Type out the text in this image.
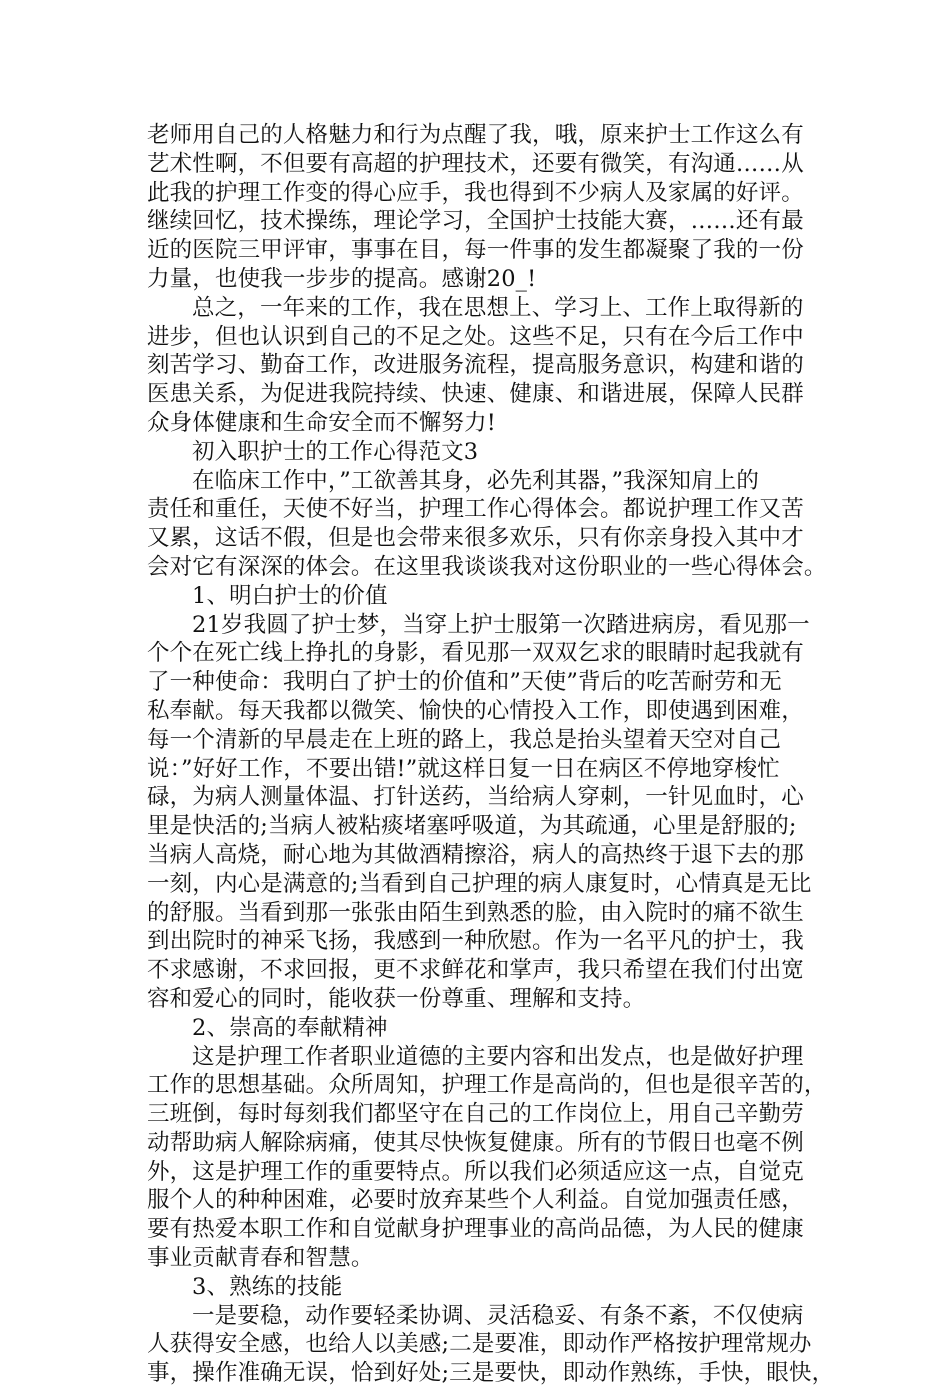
老师用自己的人格魅力和行为点醒了我，哦，原来护士工作这么有
艺术性啊，不但要有高超的护理技术，还要有微笑，有沟通……从
此我的护理工作变的得心应手，我也得到不少病人及家属的好评。
继续回忆，技术操练，理论学习，全国护士技能大赛，……还有最
近的医院三甲评审，事事在目，每一件事的发生都凝聚了我的一份
力量，也使我一步步的提高。感谢20_!
总之，一年来的工作，我在思想上、学习上、工作上取得新的
进步，但也认识到自己的不足之处。这些不足，只有在今后工作中
刻苦学习、勤奋工作，改进服务流程，提高服务意识，构建和谐的
医患关系，为促进我院持续、快速、健康、和谐进展，保障人民群
众身体健康和生命安全而不懈努力!
初入职护士的工作心得范文3
在临床工作中，”工欲善其身，必先利其器，”我深知肩上的
责任和重任，天使不好当，护理工作心得体会。都说护理工作又苦
又累，这话不假，但是也会带来很多欢乐，只有你亲身投入其中才
会对它有深深的体会。在这里我谈谈我对这份职业的一些心得体会。
1、明白护士的价值
21岁我圆了护士梦，当穿上护士服第一次踏进病房，看见那一
个个在死亡线上挣扎的身影，看见那一双双乞求的眼睛时起我就有
了一种使命：我明白了护士的价值和”天使”背后的吃苦耐劳和无
私奉献。每天我都以微笑、愉快的心情投入工作，即使遇到困难，
每一个清新的早晨走在上班的路上，我总是抬头望着天空对自己
说：”好好工作，不要出错!”就这样日复一日在病区不停地穿梭忙
碌，为病人测量体温、打针送药，当给病人穿刺，一针见血时，心
里是快活的;当病人被粘痰堵塞呼吸道，为其疏通，心里是舒服的;
当病人高烧，耐心地为其做酒精擦浴，病人的高热终于退下去的那
一刻，内心是满意的;当看到自己护理的病人康复时，心情真是无比
的舒服。当看到那一张张由陌生到熟悉的脸，由入院时的痛不欲生
到出院时的神采飞扬，我感到一种欣慰。作为一名平凡的护士，我
不求感谢，不求回报，更不求鲜花和掌声，我只希望在我们付出宽
容和爱心的同时，能收获一份尊重、理解和支持。
2、崇高的奉献精神
这是护理工作者职业道德的主要内容和出发点，也是做好护理
工作的思想基础。众所周知，护理工作是高尚的，但也是很辛苦的，
三班倒，每时每刻我们都坚守在自己的工作岗位上，用自己辛勤劳
动帮助病人解除病痛，使其尽快恢复健康。所有的节假日也毫不例
外，这是护理工作的重要特点。所以我们必须适应这一点，自觉克
服个人的种种困难，必要时放弃某些个人利益。自觉加强责任感，
要有热爱本职工作和自觉献身护理事业的高尚品德，为人民的健康
事业贡献青春和智慧。
3、熟练的技能
一是要稳，动作要轻柔协调、灵活稳妥、有条不紊，不仅使病
人获得安全感，也给人以美感;二是要准，即动作严格按护理常规办
事，操作准确无误，恰到好处;三是要快，即动作熟练，手快，眼快，
